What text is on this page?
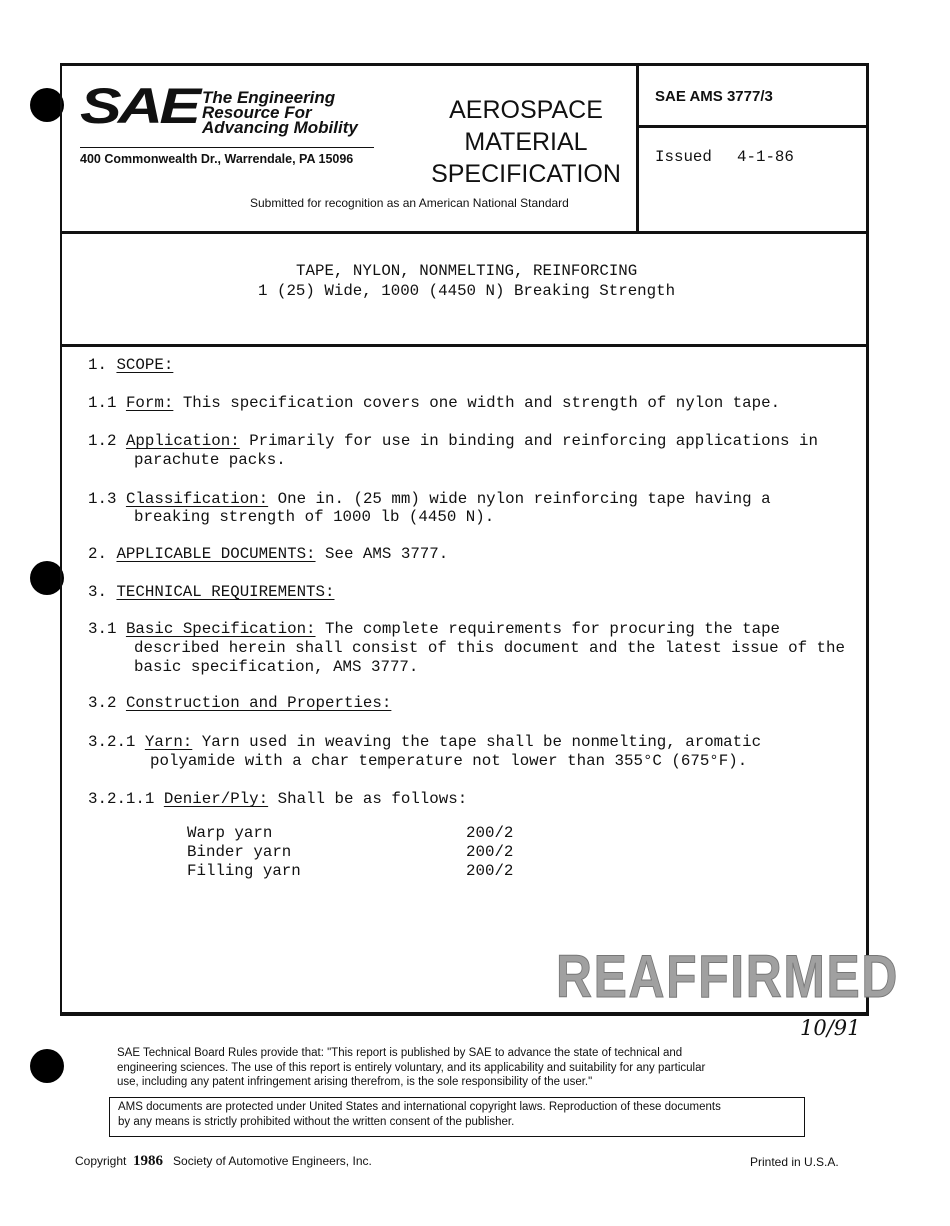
SAE The Engineering
Resource For
Advancing Mobility
400 Commonwealth Dr., Warrendale, PA 15096
AEROSPACE
MATERIAL
SPECIFICATION
Submitted for recognition as an American National Standard
SAE AMS 3777/3
Issued 4-1-86
TAPE, NYLON, NONMELTING, REINFORCING
1 (25) Wide, 1000 (4450 N) Breaking Strength
1. SCOPE:
1.1 Form: This specification covers one width and strength of nylon tape.
1.2 Application: Primarily for use in binding and reinforcing applications in
parachute packs.
1.3 Classification: One in. (25 mm) wide nylon reinforcing tape having a
breaking strength of 1000 lb (4450 N).
2. APPLICABLE DOCUMENTS: See AMS 3777.
3. TECHNICAL REQUIREMENTS:
3.1 Basic Specification: The complete requirements for procuring the tape
described herein shall consist of this document and the latest issue of the
basic specification, AMS 3777.
3.2 Construction and Properties:
3.2.1 Yarn: Yarn used in weaving the tape shall be nonmelting, aromatic
polyamide with a char temperature not lower than 355°C (675°F).
3.2.1.1 Denier/Ply: Shall be as follows:
Warp yarn	200/2
Binder yarn	200/2
Filling yarn	200/2
REAFFIRMED
10/91
SAE Technical Board Rules provide that: "This report is published by SAE to advance the state of technical and
engineering sciences. The use of this report is entirely voluntary, and its applicability and suitability for any particular
use, including any patent infringement arising therefrom, is the sole responsibility of the user."
AMS documents are protected under United States and international copyright laws. Reproduction of these documents
by any means is strictly prohibited without the written consent of the publisher.
Copyright 1986 Society of Automotive Engineers, Inc.	Printed in U.S.A.
